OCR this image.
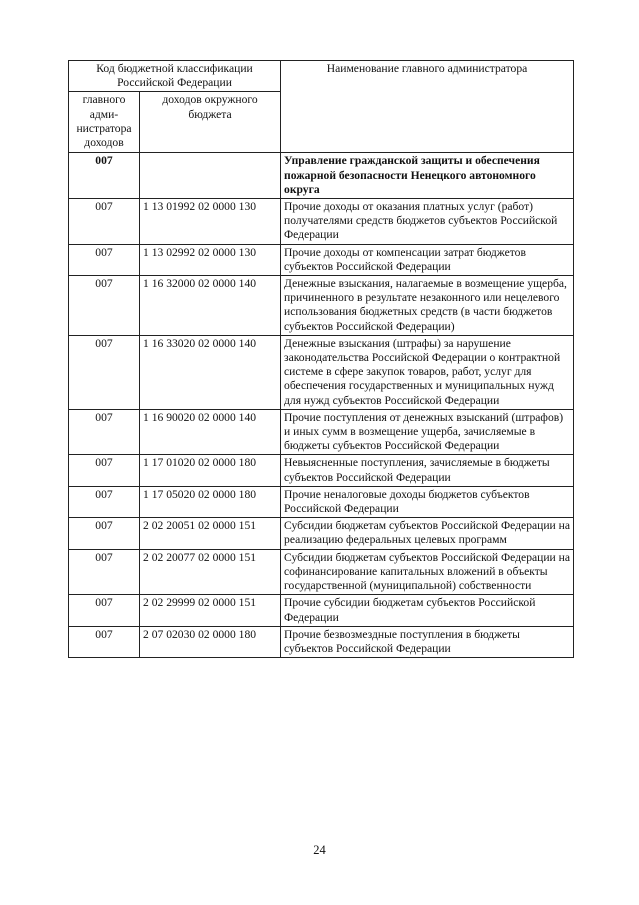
Код бюджетной классификации Российской Федерации		Наименование главного администратора
главного адми-нистратора доходов	доходов окружного бюджета	
007		Управление гражданской защиты и обеспечения пожарной безопасности Ненецкого автономного округа
007	1 13 01992 02 0000 130	Прочие доходы от оказания платных услуг (работ) получателями средств бюджетов субъектов Российской Федерации
007	1 13 02992 02 0000 130	Прочие доходы от компенсации затрат бюджетов субъектов Российской Федерации
007	1 16 32000 02 0000 140	Денежные взыскания, налагаемые в возмещение ущерба, причиненного в результате незаконного или нецелевого использования бюджетных средств (в части бюджетов субъектов Российской Федерации)
007	1 16 33020 02 0000 140	Денежные взыскания (штрафы) за нарушение законодательства Российской Федерации о контрактной системе в сфере закупок товаров, работ, услуг для обеспечения государственных и муниципальных нужд для нужд субъектов Российской Федерации
007	1 16 90020 02 0000 140	Прочие поступления от денежных взысканий (штрафов) и иных сумм в возмещение ущерба, зачисляемые в бюджеты субъектов Российской Федерации
007	1 17 01020 02 0000 180	Невыясненные поступления, зачисляемые в бюджеты субъектов Российской Федерации
007	1 17 05020 02 0000 180	Прочие неналоговые доходы бюджетов субъектов Российской Федерации
007	2 02 20051 02 0000 151	Субсидии бюджетам субъектов Российской Федерации на реализацию федеральных целевых программ
007	2 02 20077 02 0000 151	Субсидии бюджетам субъектов Российской Федерации на софинансирование капитальных вложений в объекты государственной (муниципальной) собственности
007	2 02 29999 02 0000 151	Прочие субсидии бюджетам субъектов Российской Федерации
007	2 07 02030 02 0000 180	Прочие безвозмездные поступления в бюджеты субъектов Российской Федерации
24
